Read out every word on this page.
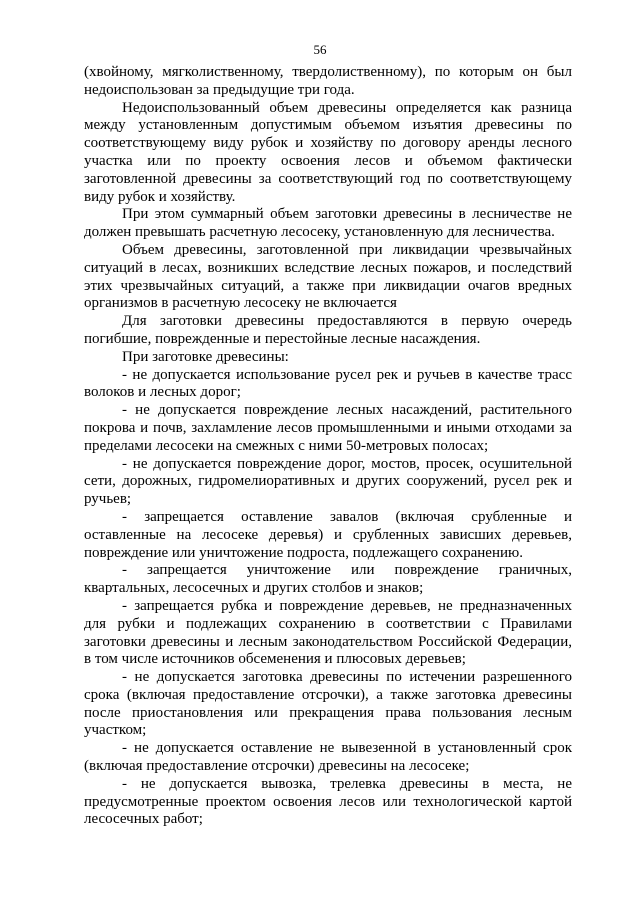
56

(хвойному, мягколиственному, твердолиственному), по которым он был недоиспользован за предыдущие три года.

Недоиспользованный объем древесины определяется как разница между установленным допустимым объемом изъятия древесины по соответствующему виду рубок и хозяйству по договору аренды лесного участка или по проекту освоения лесов и объемом фактически заготовленной древесины за соответствующий год по соответствующему виду рубок и хозяйству.

При этом суммарный объем заготовки древесины в лесничестве не должен превышать расчетную лесосеку, установленную для лесничества.

Объем древесины, заготовленной при ликвидации чрезвычайных ситуаций в лесах, возникших вследствие лесных пожаров, и последствий этих чрезвычайных ситуаций, а также при ликвидации очагов вредных организмов в расчетную лесосеку не включается

Для заготовки древесины предоставляются в первую очередь погибшие, поврежденные и перестойные лесные насаждения.

При заготовке древесины:

- не допускается использование русел рек и ручьев в качестве трасс волоков и лесных дорог;

- не допускается повреждение лесных насаждений, растительного покрова и почв, захламление лесов промышленными и иными отходами за пределами лесосеки на смежных с ними 50-метровых полосах;

- не допускается повреждение дорог, мостов, просек, осушительной сети, дорожных, гидромелиоративных и других сооружений, русел рек и ручьев;

- запрещается оставление завалов (включая срубленные и оставленные на лесосеке деревья) и срубленных зависших деревьев, повреждение или уничтожение подроста, подлежащего сохранению.

- запрещается уничтожение или повреждение граничных, квартальных, лесосечных и других столбов и знаков;

- запрещается рубка и повреждение деревьев, не предназначенных для рубки и подлежащих сохранению в соответствии с Правилами заготовки древесины и лесным законодательством Российской Федерации, в том числе источников обсеменения и плюсовых деревьев;

- не допускается заготовка древесины по истечении разрешенного срока (включая предоставление отсрочки), а также заготовка древесины после приостановления или прекращения права пользования лесным участком;

- не допускается оставление не вывезенной в установленный срок (включая предоставление отсрочки) древесины на лесосеке;

- не допускается вывозка, трелевка древесины в места, не предусмотренные проектом освоения лесов или технологической картой лесосечных работ;
